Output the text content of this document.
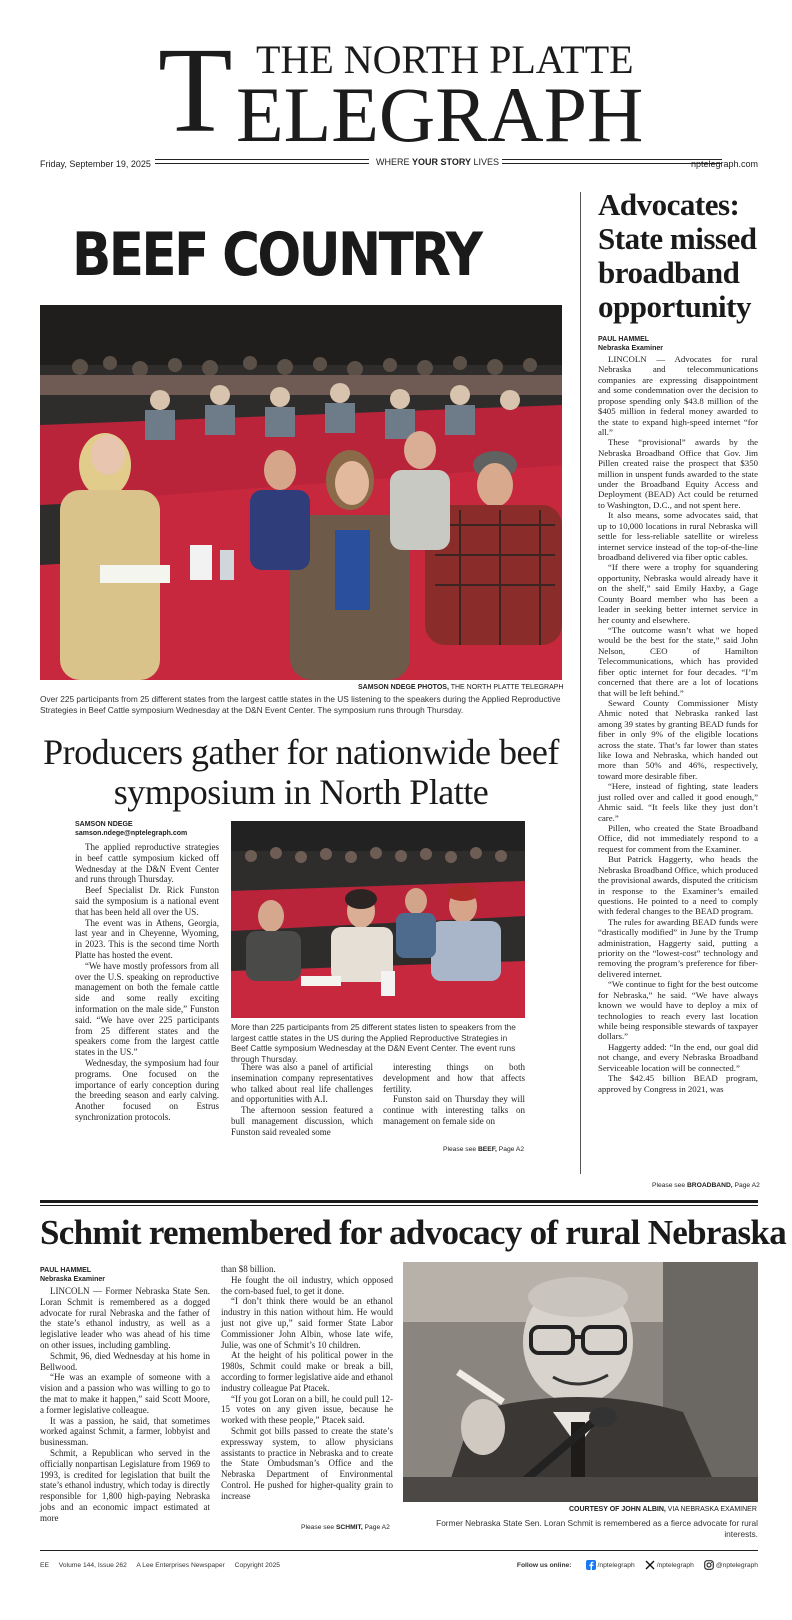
T THE NORTH PLATTE
ELEGRAPH
Friday, September 19, 2025	WHERE YOUR STORY LIVES	nptelegraph.com
BEEF COUNTRY
SAMSON NDEGE PHOTOS, THE NORTH PLATTE TELEGRAPH
Over 225 participants from 25 different states from the largest cattle states in the US listening to the speakers during the Applied Reproductive Strategies in Beef Cattle symposium Wednesday at the D&N Event Center. The symposium runs through Thursday.
Producers gather for nationwide beef symposium in North Platte
SAMSON NDEGE
samson.ndege@nptelegraph.com

The applied reproductive strategies in beef cattle symposium kicked off Wednesday at the D&N Event Center and runs through Thursday.

Beef Specialist Dr. Rick Funston said the symposium is a national event that has been held all over the US.

The event was in Athens, Georgia, last year and in Cheyenne, Wyoming, in 2023. This is the second time North Platte has hosted the event.

“We have mostly professors from all over the U.S. speaking on reproductive management on both the female cattle side and some really exciting information on the male side,” Funston said. “We have over 225 participants from 25 different states and the speakers come from the largest cattle states in the US.”

Wednesday, the symposium had four programs. One focused on the importance of early conception during the breeding season and early calving. Another focused on Estrus synchronization protocols.

More than 225 participants from 25 different states listen to speakers from the largest cattle states in the US during the Applied Reproductive Strategies in Beef Cattle symposium Wednesday at the D&N Event Center. The event runs through Thursday.

There was also a panel of artificial insemination company representatives who talked about real life challenges and opportunities with A.I.

The afternoon session featured a bull management discussion, which Funston said revealed some

interesting things on both development and how that affects fertility.

Funston said on Thursday they will continue with interesting talks on management on female side on

Please see BEEF, Page A2
Advocates: State missed broadband opportunity
PAUL HAMMEL
Nebraska Examiner

LINCOLN — Advocates for rural Nebraska and telecommunications companies are expressing disappointment and some condemnation over the decision to propose spending only $43.8 million of the $405 million in federal money awarded to the state to expand high-speed internet “for all.”

These “provisional” awards by the Nebraska Broadband Office that Gov. Jim Pillen created raise the prospect that $350 million in unspent funds awarded to the state under the Broadband Equity Access and Deployment (BEAD) Act could be returned to Washington, D.C., and not spent here.

It also means, some advocates said, that up to 10,000 locations in rural Nebraska will settle for less-reliable satellite or wireless internet service instead of the top-of-the-line broadband delivered via fiber optic cables.

“If there were a trophy for squandering opportunity, Nebraska would already have it on the shelf,” said Emily Haxby, a Gage County Board member who has been a leader in seeking better internet service in her county and elsewhere.

“The outcome wasn’t what we hoped would be the best for the state,” said John Nelson, CEO of Hamilton Telecommunications, which has provided fiber optic internet for four decades. “I’m concerned that there are a lot of locations that will be left behind.”

Seward County Commissioner Misty Ahmic noted that Nebraska ranked last among 39 states by granting BEAD funds for fiber in only 9% of the eligible locations across the state. That’s far lower than states like Iowa and Nebraska, which handed out more than 50% and 46%, respectively, toward more desirable fiber.

“Here, instead of fighting, state leaders just rolled over and called it good enough,” Ahmic said. “It feels like they just don’t care.”

Pillen, who created the State Broadband Office, did not immediately respond to a request for comment from the Examiner.

But Patrick Haggerty, who heads the Nebraska Broadband Office, which produced the provisional awards, disputed the criticism in response to the Examiner’s emailed questions. He pointed to a need to comply with federal changes to the BEAD program.

The rules for awarding BEAD funds were “drastically modified” in June by the Trump administration, Haggerty said, putting a priority on the “lowest-cost” technology and removing the program’s preference for fiber-delivered internet.

“We continue to fight for the best outcome for Nebraska,” he said. “We have always known we would have to deploy a mix of technologies to reach every last location while being responsible stewards of taxpayer dollars.”

Haggerty added: “In the end, our goal did not change, and every Nebraska Broadband Serviceable location will be connected.”

The $42.45 billion BEAD program, approved by Congress in 2021, was

Please see BROADBAND, Page A2
Schmit remembered for advocacy of rural Nebraska
PAUL HAMMEL
Nebraska Examiner

LINCOLN — Former Nebraska State Sen. Loran Schmit is remembered as a dogged advocate for rural Nebraska and the father of the state’s ethanol industry, as well as a legislative leader who was ahead of his time on other issues, including gambling.

Schmit, 96, died Wednesday at his home in Bellwood.

“He was an example of someone with a vision and a passion who was willing to go to the mat to make it happen,” said Scott Moore, a former legislative colleague.

It was a passion, he said, that sometimes worked against Schmit, a farmer, lobbyist and businessman.

Schmit, a Republican who served in the officially nonpartisan Legislature from 1969 to 1993, is credited for legislation that built the state’s ethanol industry, which today is directly responsible for 1,800 high-paying Nebraska jobs and an economic impact estimated at more

than $8 billion.

He fought the oil industry, which opposed the corn-based fuel, to get it done.

“I don’t think there would be an ethanol industry in this nation without him. He would just not give up,” said former State Labor Commissioner John Albin, whose late wife, Julie, was one of Schmit’s 10 children.

At the height of his political power in the 1980s, Schmit could make or break a bill, according to former legislative aide and ethanol industry colleague Pat Ptacek.

“If you got Loran on a bill, he could pull 12-15 votes on any given issue, because he worked with these people,” Ptacek said.

Schmit got bills passed to create the state’s expressway system, to allow physicians assistants to practice in Nebraska and to create the State Ombudsman’s Office and the Nebraska Department of Environmental Control. He pushed for higher-quality grain to increase

Please see SCHMIT, Page A2
COURTESY OF JOHN ALBIN, VIA NEBRASKA EXAMINER
Former Nebraska State Sen. Loran Schmit is remembered as a fierce advocate for rural interests.
EE Volume 144, Issue 262 A Lee Enterprises Newspaper Copyright 2025	Follow us online:	/nptelegraph	/nptelegraph	@nptelegraph
